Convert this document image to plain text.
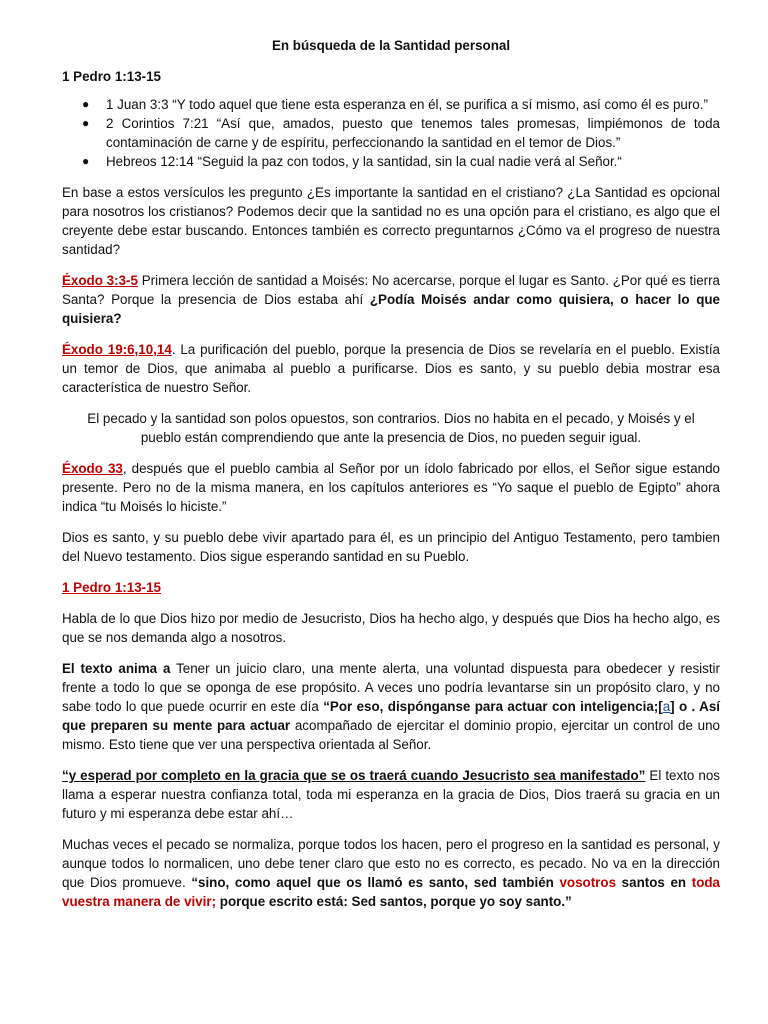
En búsqueda de la Santidad personal
1 Pedro 1:13-15
● 1 Juan 3:3 “Y todo aquel que tiene esta esperanza en él, se purifica a sí mismo, así como él es puro.”
● 2 Corintios 7:21 “Así que, amados, puesto que tenemos tales promesas, limpiémonos de toda contaminación de carne y de espíritu, perfeccionando la santidad en el temor de Dios.”
● Hebreos 12:14 “Seguid la paz con todos, y la santidad, sin la cual nadie verá al Señor.“

En base a estos versículos les pregunto ¿Es importante la santidad en el cristiano? ¿La Santidad es opcional para nosotros los cristianos? Podemos decir que la santidad no es una opción para el cristiano, es algo que el creyente debe estar buscando. Entonces también es correcto preguntarnos ¿Cómo va el progreso de nuestra santidad?

Éxodo 3:3-5 Primera lección de santidad a Moisés: No acercarse, porque el lugar es Santo. ¿Por qué es tierra Santa? Porque la presencia de Dios estaba ahí ¿Podía Moisés andar como quisiera, o hacer lo que quisiera?

Éxodo 19:6,10,14. La purificación del pueblo, porque la presencia de Dios se revelaría en el pueblo. Existía un temor de Dios, que animaba al pueblo a purificarse. Dios es santo, y su pueblo debia mostrar esa característica de nuestro Señor.

El pecado y la santidad son polos opuestos, son contrarios. Dios no habita en el pecado, y Moisés y el pueblo están comprendiendo que ante la presencia de Dios, no pueden seguir igual.

Éxodo 33, después que el pueblo cambia al Señor por un ídolo fabricado por ellos, el Señor sigue estando presente. Pero no de la misma manera, en los capítulos anteriores es “Yo saque el pueblo de Egipto” ahora indica “tu Moisés lo hiciste.”

Dios es santo, y su pueblo debe vivir apartado para él, es un principio del Antiguo Testamento, pero tambien del Nuevo testamento. Dios sigue esperando santidad en su Pueblo.

1 Pedro 1:13-15

Habla de lo que Dios hizo por medio de Jesucristo, Dios ha hecho algo, y después que Dios ha hecho algo, es que se nos demanda algo a nosotros.

El texto anima a Tener un juicio claro, una mente alerta, una voluntad dispuesta para obedecer y resistir frente a todo lo que se oponga de ese propósito. A veces uno podría levantarse sin un propósito claro, y no sabe todo lo que puede ocurrir en este día “Por eso, dispónganse para actuar con inteligencia;[a] o . Así que preparen su mente para actuar acompañado de ejercitar el dominio propio, ejercitar un control de uno mismo. Esto tiene que ver una perspectiva orientada al Señor.

“y esperad por completo en la gracia que se os traerá cuando Jesucristo sea manifestado” El texto nos llama a esperar nuestra confianza total, toda mi esperanza en la gracia de Dios, Dios traerá su gracia en un futuro y mi esperanza debe estar ahí…

Muchas veces el pecado se normaliza, porque todos los hacen, pero el progreso en la santidad es personal, y aunque todos lo normalicen, uno debe tener claro que esto no es correcto, es pecado. No va en la dirección que Dios promueve. “sino, como aquel que os llamó es santo, sed también vosotros santos en toda vuestra manera de vivir; porque escrito está: Sed santos, porque yo soy santo.”
